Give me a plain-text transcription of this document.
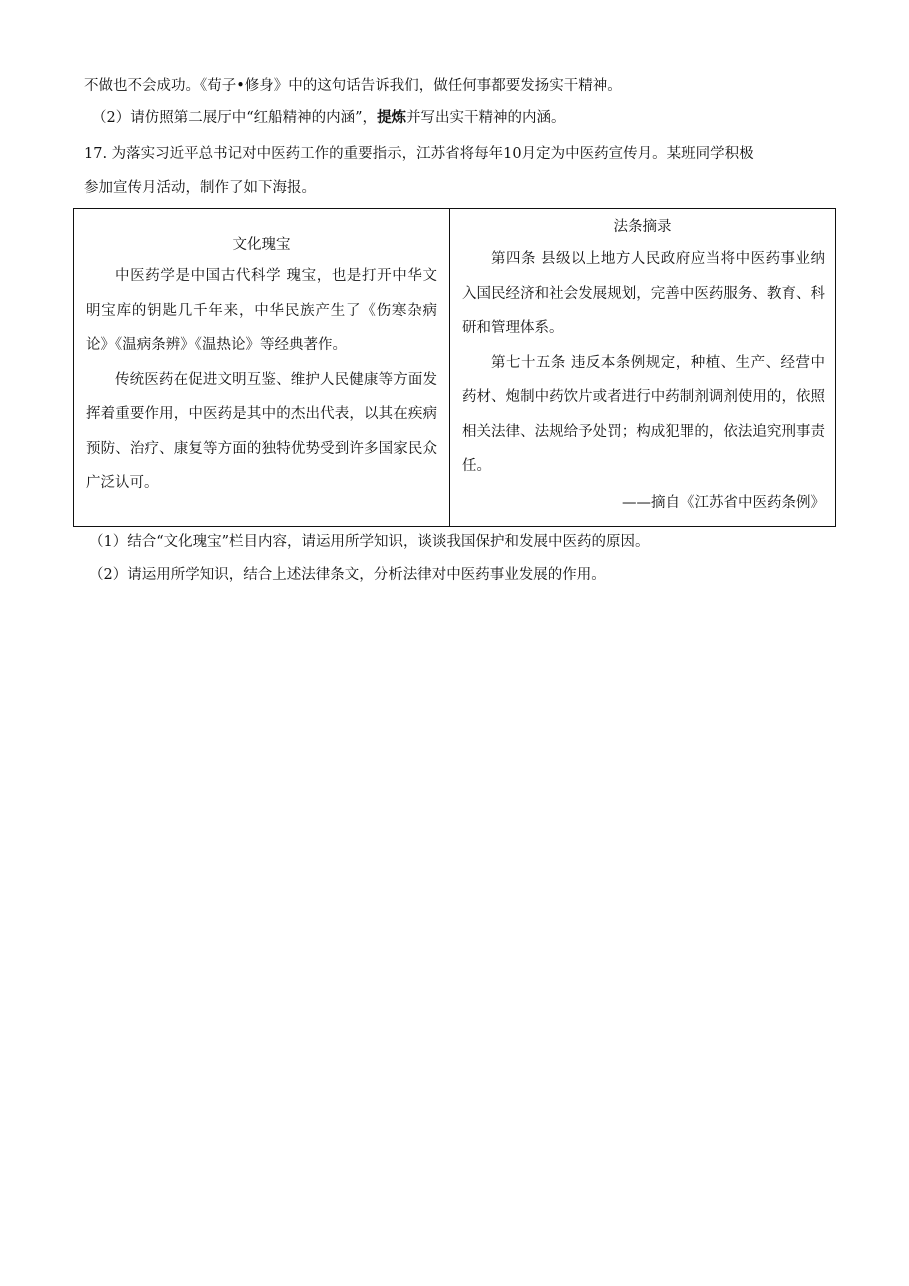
不做也不会成功。《荀子•修身》中的这句话告诉我们，做任何事都要发扬实干精神。
（2）请仿照第二展厅中“红船精神的内涵”，提炼并写出实干精神的内涵。
17. 为落实习近平总书记对中医药工作的重要指示，江苏省将每年10月定为中医药宣传月。某班同学积极
参加宣传月活动，制作了如下海报。
文化瑰宝

中医药学是中国古代科学 瑰宝，也是打开中华文明宝库的钥匙几千年来，中华民族产生了《伤寒杂病论》《温病条辨》《温热论》等经典著作。

传统医药在促进文明互鉴、维护人民健康等方面发挥着重要作用，中医药是其中的杰出代表，以其在疾病预防、治疗、康复等方面的独特优势受到许多国家民众广泛认可。

法条摘录

第四条 县级以上地方人民政府应当将中医药事业纳入国民经济和社会发展规划，完善中医药服务、教育、科研和管理体系。

第七十五条 违反本条例规定，种植、生产、经营中药材、炮制中药饮片或者进行中药制剂调剂使用的，依照相关法律、法规给予处罚；构成犯罪的，依法追究刑事责任。

——摘自《江苏省中医药条例》
（1）结合“文化瑰宝”栏目内容，请运用所学知识，谈谈我国保护和发展中医药的原因。
（2）请运用所学知识，结合上述法律条文，分析法律对中医药事业发展的作用。
